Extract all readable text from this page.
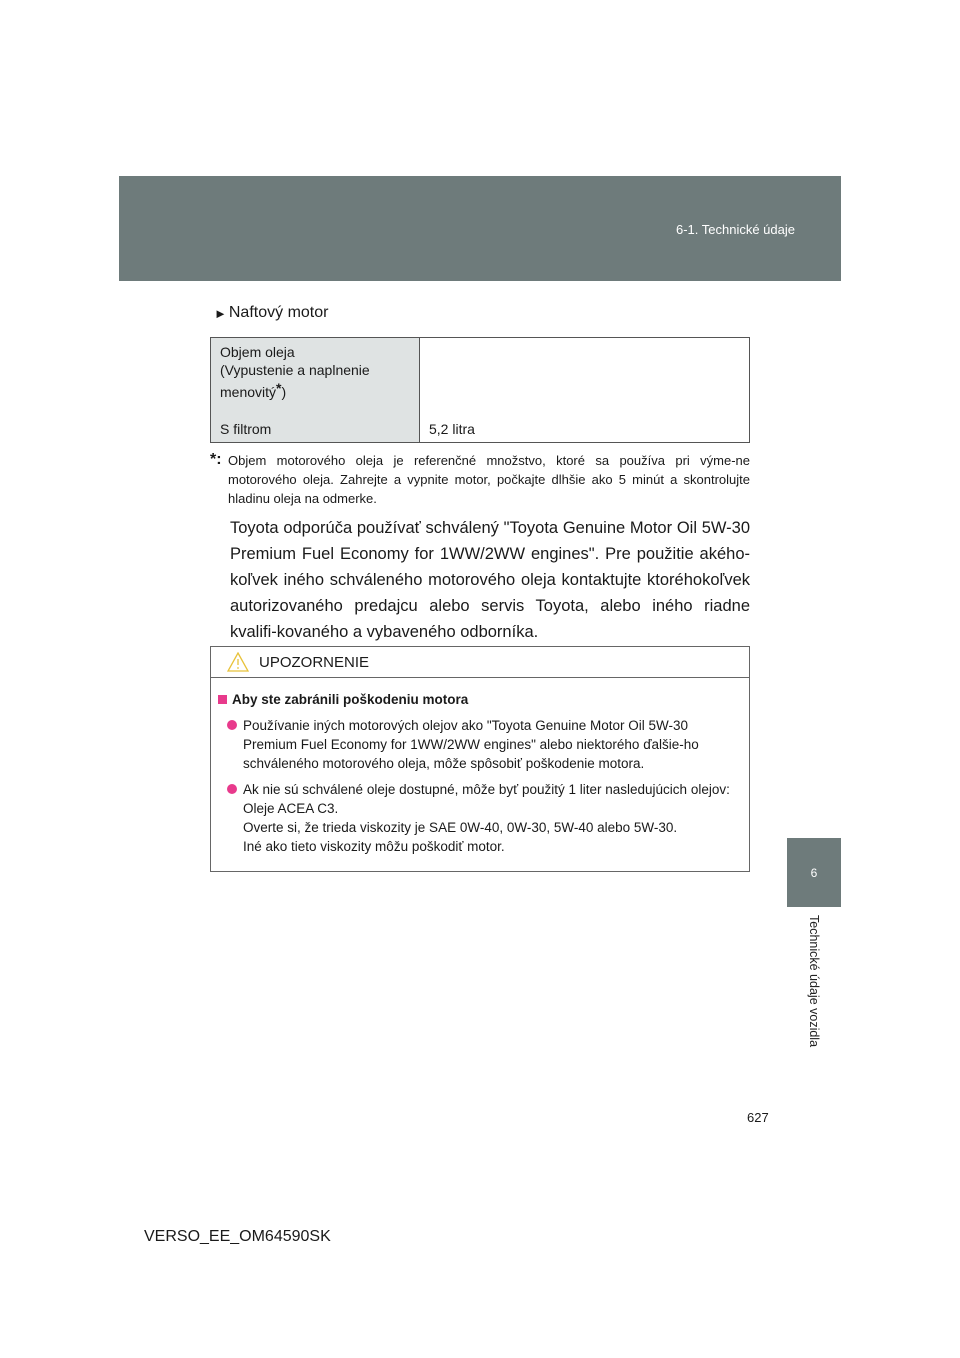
6-1. Technické údaje
6
Technické údaje vozidla
► Naftový motor
Objem oleja
(Vypustenie a naplnenie
menovitý*)
S filtrom	5,2 litra
*: Objem motorového oleja je referenčné množstvo, ktoré sa používa pri výme-ne motorového oleja. Zahrejte a vypnite motor, počkajte dlhšie ako 5 minút a skontrolujte hladinu oleja na odmerke.
Toyota odporúča používať schválený "Toyota Genuine Motor Oil 5W-30 Premium Fuel Economy for 1WW/2WW engines". Pre použitie akého-koľvek iného schváleného motorového oleja kontaktujte ktoréhokoľvek autorizovaného predajcu alebo servis Toyota, alebo iného riadne kvalifi-kovaného a vybaveného odborníka.
UPOZORNENIE
Aby ste zabránili poškodeniu motora
Používanie iných motorových olejov ako "Toyota Genuine Motor Oil 5W-30 Premium Fuel Economy for 1WW/2WW engines" alebo niektorého ďalšie-ho schváleného motorového oleja, môže spôsobiť poškodenie motora.
Ak nie sú schválené oleje dostupné, môže byť použitý 1 liter nasledujúcich olejov: Oleje ACEA C3.
Overte si, že trieda viskozity je SAE 0W-40, 0W-30, 5W-40 alebo 5W-30.
Iné ako tieto viskozity môžu poškodiť motor.
627
VERSO_EE_OM64590SK
